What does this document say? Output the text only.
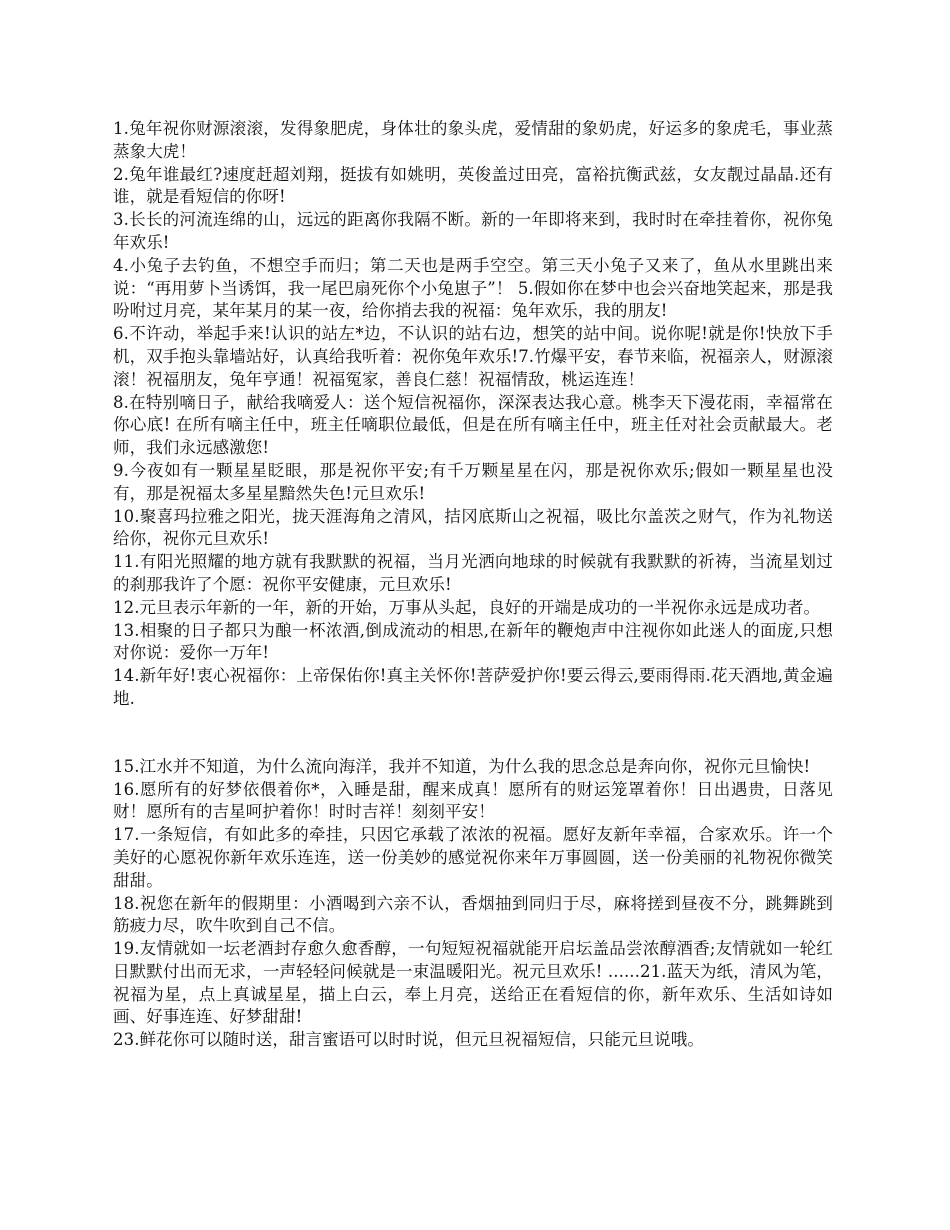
1.兔年祝你财源滚滚，发得象肥虎，身体壮的象头虎，爱情甜的象奶虎，好运多的象虎毛，事业蒸蒸象大虎！

2.兔年谁最红?速度赶超刘翔，挺拔有如姚明，英俊盖过田亮，富裕抗衡武兹，女友靓过晶晶.还有谁，就是看短信的你呀!

3.长长的河流连绵的山，远远的距离你我隔不断。新的一年即将来到，我时时在牵挂着你，祝你兔年欢乐!

4.小兔子去钓鱼，不想空手而归；第二天也是两手空空。第三天小兔子又来了，鱼从水里跳出来说：“再用萝卜当诱饵，我一尾巴扇死你个小兔崽子”！ 5.假如你在梦中也会兴奋地笑起来，那是我吩咐过月亮，某年某月的某一夜，给你捎去我的祝福：兔年欢乐，我的朋友!

6.不许动，举起手来!认识的站左*边，不认识的站右边，想笑的站中间。说你呢!就是你!快放下手机，双手抱头靠墙站好，认真给我听着：祝你兔年欢乐!7.竹爆平安，春节来临，祝福亲人，财源滚滚！祝福朋友，兔年亨通！祝福冤家，善良仁慈！祝福情敌，桃运连连！

8.在特别嘀日子，献给我嘀爱人：送个短信祝福你，深深表达我心意。桃李天下漫花雨，幸福常在你心底! 在所有嘀主任中，班主任嘀职位最低，但是在所有嘀主任中，班主任对社会贡献最大。老师，我们永远感激您!

9.今夜如有一颗星星眨眼，那是祝你平安;有千万颗星星在闪，那是祝你欢乐;假如一颗星星也没有，那是祝福太多星星黯然失色!元旦欢乐!

10.聚喜玛拉雅之阳光，拢天涯海角之清风，拮冈底斯山之祝福，吸比尔盖茨之财气，作为礼物送给你，祝你元旦欢乐!

11.有阳光照耀的地方就有我默默的祝福，当月光洒向地球的时候就有我默默的祈祷，当流星划过的刹那我许了个愿：祝你平安健康，元旦欢乐!

12.元旦表示年新的一年，新的开始，万事从头起，良好的开端是成功的一半祝你永远是成功者。

13.相聚的日子都只为酿一杯浓酒,倒成流动的相思,在新年的鞭炮声中注视你如此迷人的面庞,只想对你说：爱你一万年!

14.新年好!衷心祝福你：上帝保佑你!真主关怀你!菩萨爱护你!要云得云,要雨得雨.花天酒地,黄金遍地.

15.江水并不知道，为什么流向海洋，我并不知道，为什么我的思念总是奔向你，祝你元旦愉快!

16.愿所有的好梦依偎着你*，入睡是甜，醒来成真！愿所有的财运笼罩着你！日出遇贵，日落见财！愿所有的吉星呵护着你！时时吉祥！刻刻平安！

17.一条短信，有如此多的牵挂，只因它承载了浓浓的祝福。愿好友新年幸福，合家欢乐。许一个美好的心愿祝你新年欢乐连连，送一份美妙的感觉祝你来年万事圆圆，送一份美丽的礼物祝你微笑甜甜。

18.祝您在新年的假期里：小酒喝到六亲不认，香烟抽到同归于尽，麻将搓到昼夜不分，跳舞跳到筋疲力尽，吹牛吹到自己不信。

19.友情就如一坛老酒封存愈久愈香醇，一句短短祝福就能开启坛盖品尝浓醇酒香;友情就如一轮红日默默付出而无求，一声轻轻问候就是一束温暖阳光。祝元旦欢乐! ......21.蓝天为纸，清风为笔，祝福为星，点上真诚星星，描上白云，奉上月亮，送给正在看短信的你，新年欢乐、生活如诗如画、好事连连、好梦甜甜!

23.鲜花你可以随时送，甜言蜜语可以时时说，但元旦祝福短信，只能元旦说哦。
